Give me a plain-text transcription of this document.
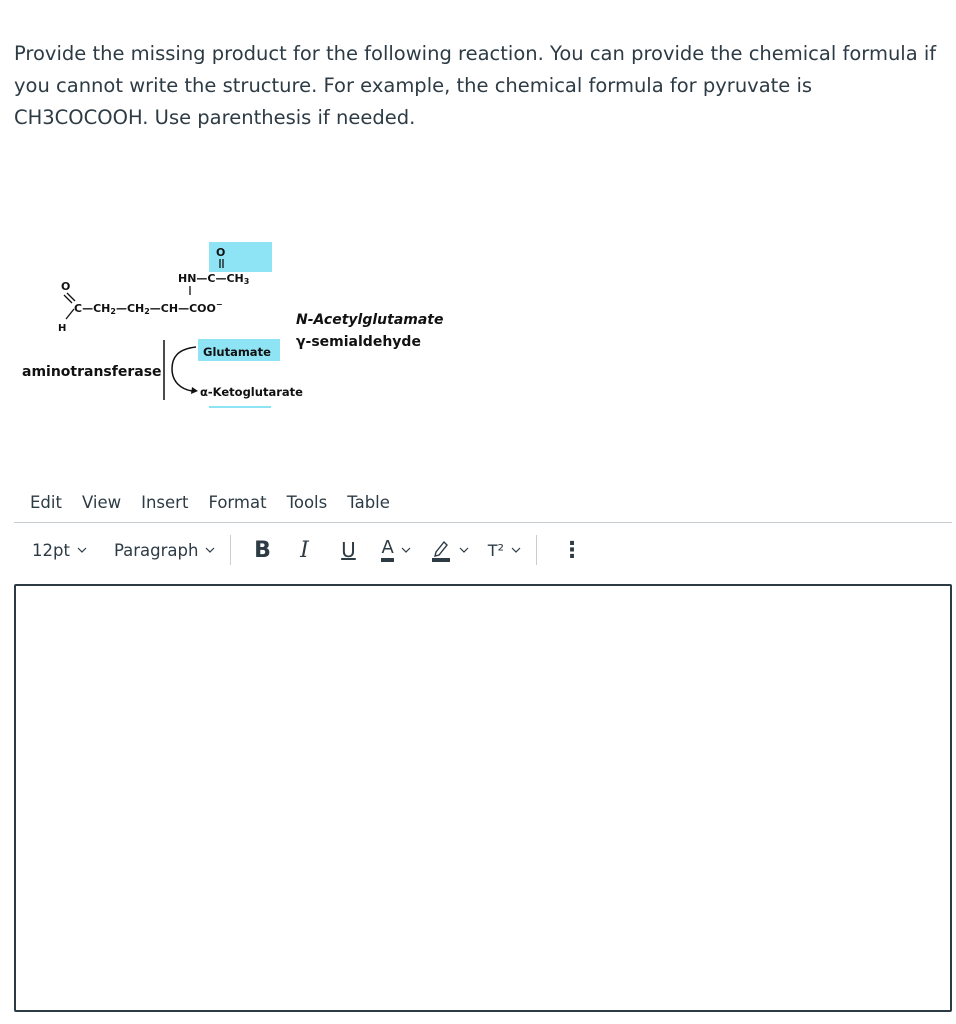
Provide the missing product for the following reaction. You can provide the chemical formula if you cannot write the structure. For example, the chemical formula for pyruvate is CH3COCOOH. Use parenthesis if needed.

O
HN—C—CH3
O
H
C—CH2—CH2—CH—COO−
N-Acetylglutamate
γ-semialdehyde
Glutamate
aminotransferase
α-Ketoglutarate
Edit	View	Insert	Format	Tools	Table
12pt	Paragraph	B	I	U	A	T²	⋮
